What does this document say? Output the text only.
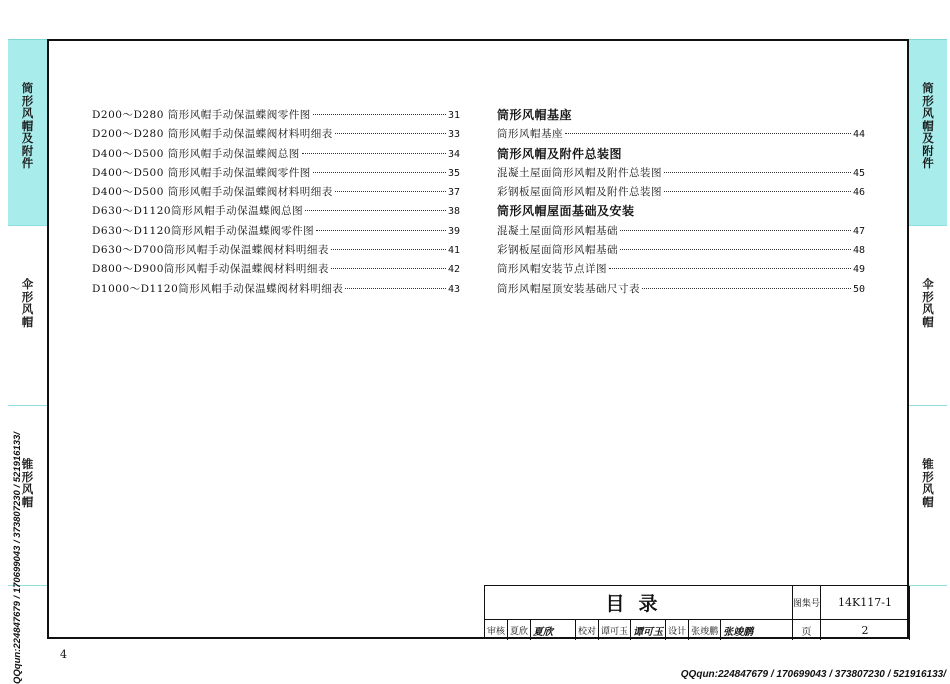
筒形风帽及附件
伞形风帽
锥形风帽
筒形风帽及附件
伞形风帽
锥形风帽
D200～D280 筒形风帽手动保温蝶阀零件图	31
D200～D280 筒形风帽手动保温蝶阀材料明细表	33
D400～D500 筒形风帽手动保温蝶阀总图	34
D400～D500 筒形风帽手动保温蝶阀零件图	35
D400～D500 筒形风帽手动保温蝶阀材料明细表	37
D630～D1120筒形风帽手动保温蝶阀总图	38
D630～D1120筒形风帽手动保温蝶阀零件图	39
D630～D700筒形风帽手动保温蝶阀材料明细表	41
D800～D900筒形风帽手动保温蝶阀材料明细表	42
D1000～D1120筒形风帽手动保温蝶阀材料明细表	43
筒形风帽基座
筒形风帽基座	44
筒形风帽及附件总装图
混凝土屋面筒形风帽及附件总装图	45
彩钢板屋面筒形风帽及附件总装图	46
筒形风帽屋面基础及安装
混凝土屋面筒形风帽基础	47
彩钢板屋面筒形风帽基础	48
筒形风帽安装节点详图	49
筒形风帽屋顶安装基础尺寸表	50
目录	图集号	14K117-1
页	2
审核 夏欣 夏欣	校对 谭可玉 谭可玉 设计 张竣鹏 张竣鹏
4
QQqun:224847679 / 170699043 / 373807230 / 521916133/	QQqun:224847679 / 170699043 / 373807230 / 521916133/
